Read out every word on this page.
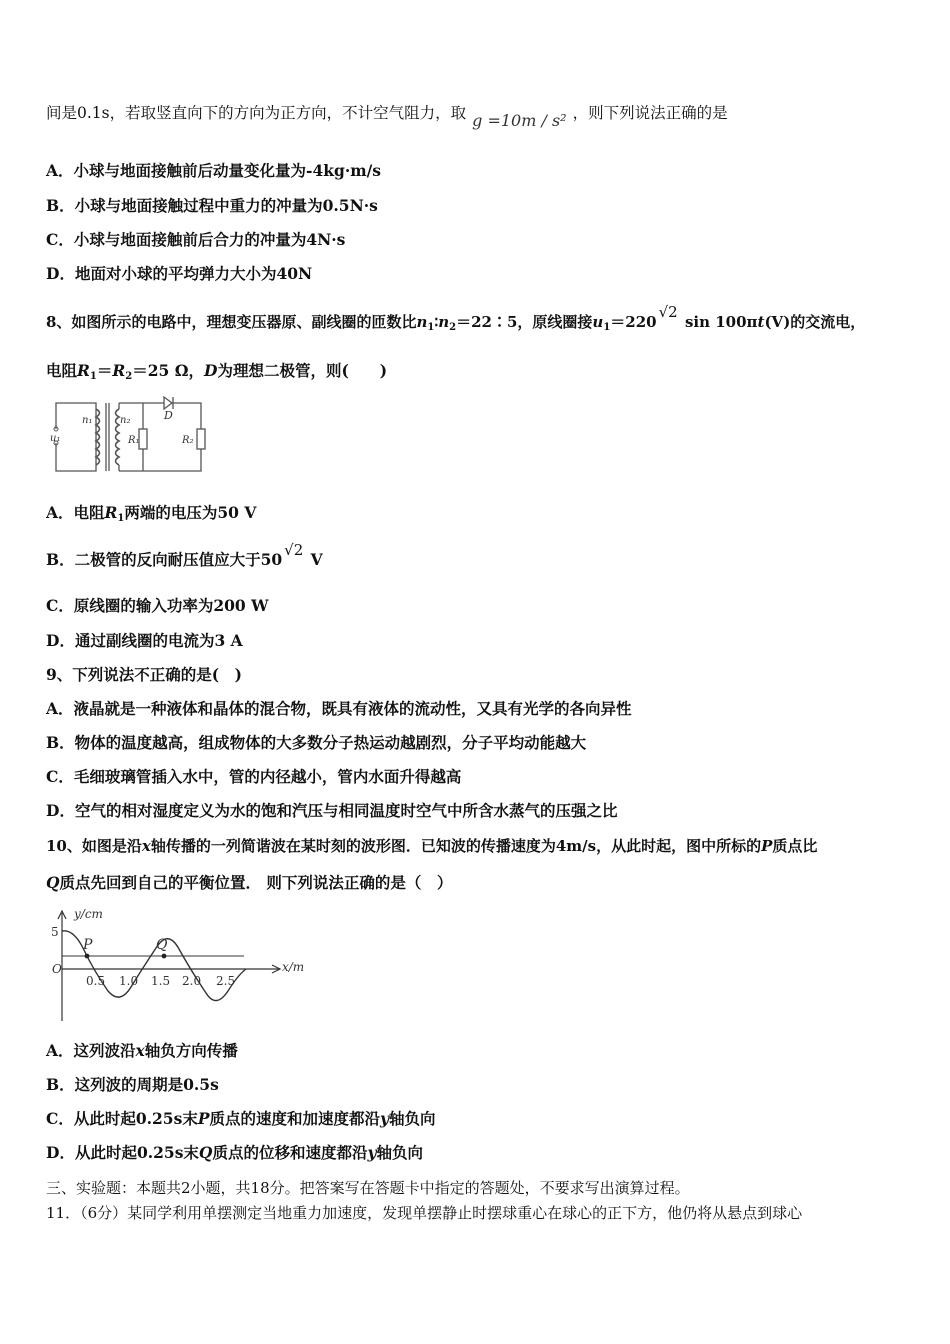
间是0.1s，若取竖直向下的方向为正方向，不计空气阻力，取 g =10m / s² ，则下列说法正确的是
A．小球与地面接触前后动量变化量为-4kg·m/s
B．小球与地面接触过程中重力的冲量为0.5N·s
C．小球与地面接触前后合力的冲量为4N·s
D．地面对小球的平均弹力大小为40N
8、如图所示的电路中，理想变压器原、副线圈的匝数比$n_1∶n_2=22∶5$，原线圈接$u_1=220√2$ sin 100πt(V)的交流电，
电阻$R_1=R_2=25$ Ω，D为理想二极管，则(　　)
n₁	n₂
u₁	R₁	R₂
D
A．电阻$R_1$两端的电压为50 V
B．二极管的反向耐压值应大于50 √2 V
C．原线圈的输入功率为200 W
D．通过副线圈的电流为3 A
9、下列说法不正确的是(　)
A．液晶就是一种液体和晶体的混合物，既具有液体的流动性，又具有光学的各向异性
B．物体的温度越高，组成物体的大多数分子热运动越剧烈，分子平均动能越大
C．毛细玻璃管插入水中，管的内径越小，管内水面升得越高
D．空气的相对湿度定义为水的饱和汽压与相同温度时空气中所含水蒸气的压强之比
10、如图是沿x轴传播的一列简谐波在某时刻的波形图．已知波的传播速度为4m/s，从此时起，图中所标的P质点比
Q质点先回到自己的平衡位置． 则下列说法正确的是（　）
y/cm
x/m
5
O
P	Q
0.5 1.0 1.5 2.0 2.5
A．这列波沿x轴负方向传播
B．这列波的周期是0.5s
C．从此时起0.25s末P质点的速度和加速度都沿y轴负向
D．从此时起0.25s末Q质点的位移和速度都沿y轴负向
三、实验题：本题共2小题，共18分。把答案写在答题卡中指定的答题处，不要求写出演算过程。
11．（6分）某同学利用单摆测定当地重力加速度，发现单摆静止时摆球重心在球心的正下方，他仍将从悬点到球心
